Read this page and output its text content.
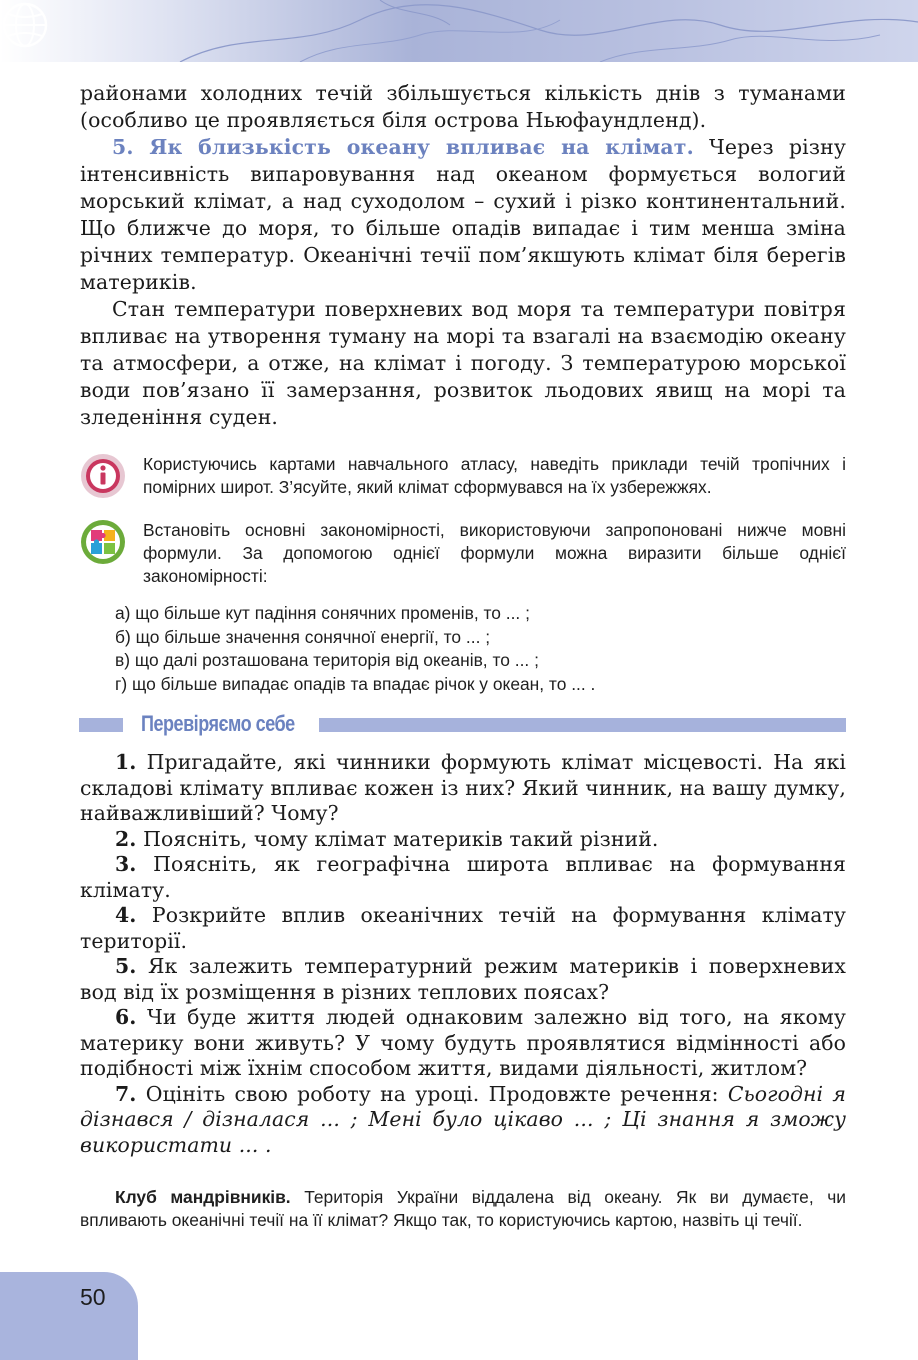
районами холодних течій збільшується кількість днів з туманами (особливо це проявляється біля острова Ньюфаундленд).

5. Як близькість океану впливає на клімат. Через різну інтенсивність випаровування над океаном формується вологий морський клімат, а над суходолом – сухий і різко континентальний. Що ближче до моря, то більше опадів випадає і тим менша зміна річних температур. Океанічні течії пом’якшують клімат біля берегів материків.

Стан температури поверхневих вод моря та температури повітря впливає на утворення туману на морі та взагалі на взаємодію океану та атмосфери, а отже, на клімат і погоду. З температурою морської води пов’язано її замерзання, розвиток льодових явищ на морі та зледеніння суден.

Користуючись картами навчального атласу, наведіть приклади течій тропічних і помірних широт. З’ясуйте, який клімат сформувався на їх узбережжях.
Встановіть основні закономірності, використовуючи запропоновані нижче мовні формули. За допомогою однієї формули можна виразити більше однієї закономірності:
а) що більше кут падіння сонячних променів, то ... ;
б) що більше значення сонячної енергії, то ... ;
в) що далі розташована територія від океанів, то ... ;
г) що більше випадає опадів та впадає річок у океан, то ... .
Перевіряємо себе

1. Пригадайте, які чинники формують клімат місцевості. На які складові клімату впливає кожен із них? Який чинник, на вашу думку, найважливіший? Чому?

2. Поясніть, чому клімат материків такий різний.

3. Поясніть, як географічна широта впливає на формування клімату.

4. Розкрийте вплив океанічних течій на формування клімату території.

5. Як залежить температурний режим материків і поверхневих вод від їх розміщення в різних теплових поясах?

6. Чи буде життя людей однаковим залежно від того, на якому материку вони живуть? У чому будуть проявлятися відмінності або подібності між їхнім способом життя, видами діяльності, житлом?

7. Оцініть свою роботу на уроці. Продовжте речення: Сьогодні я дізнався / дізналася ... ; Мені було цікаво ... ; Ці знання я зможу використати ... .

Клуб мандрівників. Територія України віддалена від океану. Як ви думаєте, чи впливають океанічні течії на її клімат? Якщо так, то користуючись картою, назвіть ці течії.
50
